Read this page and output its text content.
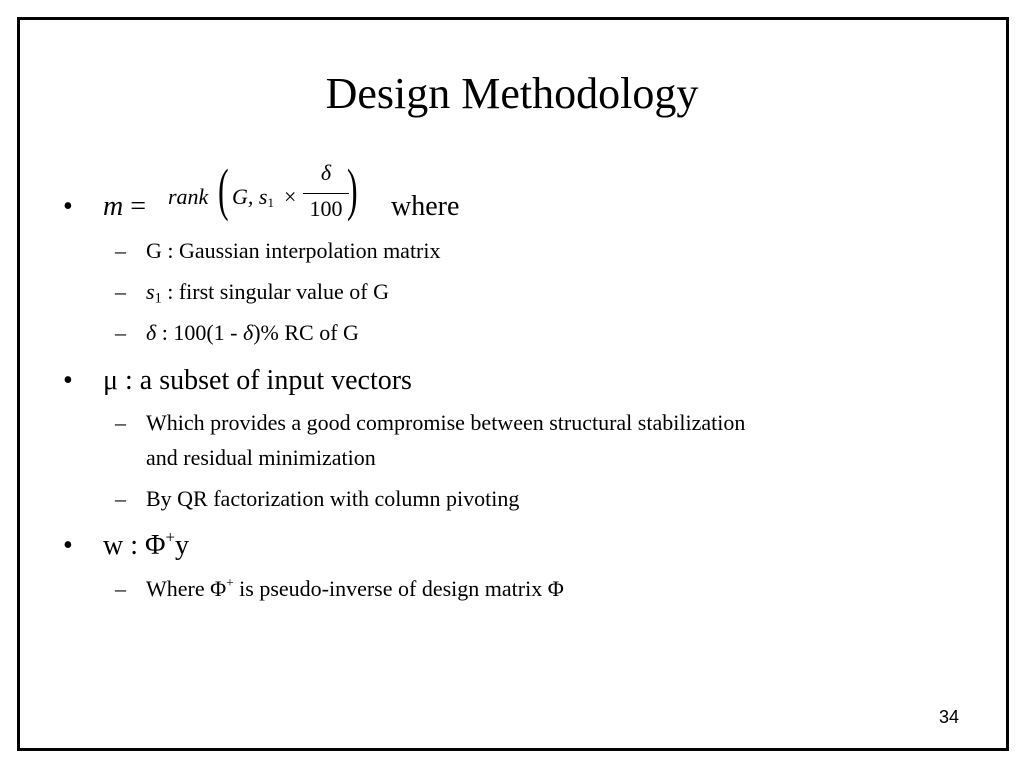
Design Methodology
• m = rank ( G, s1 ×
δ
100 ) where
– G : Gaussian interpolation matrix
– s1 : first singular value of G
– δ : 100(1 - δ)% RC of G
• μ : a subset of input vectors
– Which provides a good compromise between structural stabilization
and residual minimization
– By QR factorization with column pivoting
• w : Φ+y
– Where Φ+ is pseudo-inverse of design matrix Φ
34
